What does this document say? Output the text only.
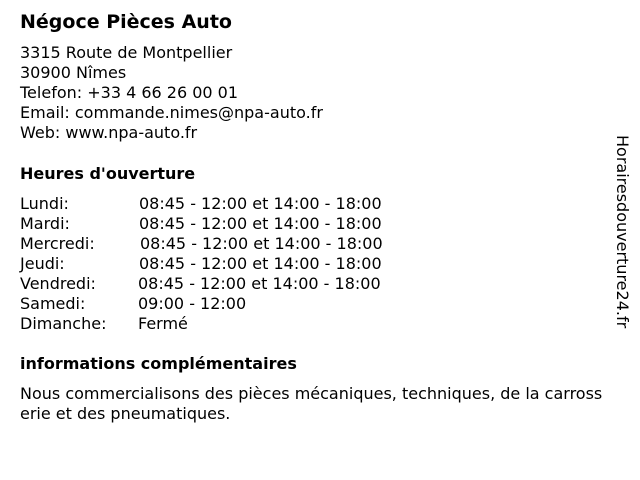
Négoce Pièces Auto
3315 Route de Montpellier
30900 Nîmes
Telefon: +33 4 66 26 00 01
Email: commande.nimes@npa-auto.fr
Web: www.npa-auto.fr
Heures d'ouverture
Lundi:	08:45 - 12:00 et 14:00 - 18:00
Mardi:	08:45 - 12:00 et 14:00 - 18:00
Mercredi:	08:45 - 12:00 et 14:00 - 18:00
Jeudi:	08:45 - 12:00 et 14:00 - 18:00
Vendredi:	08:45 - 12:00 et 14:00 - 18:00
Samedi:	09:00 - 12:00
Dimanche: Fermé
informations complémentaires
Nous commercialisons des pièces mécaniques, techniques, de la carrosserie et des pneumatiques.
Horairesdouverture24.fr
